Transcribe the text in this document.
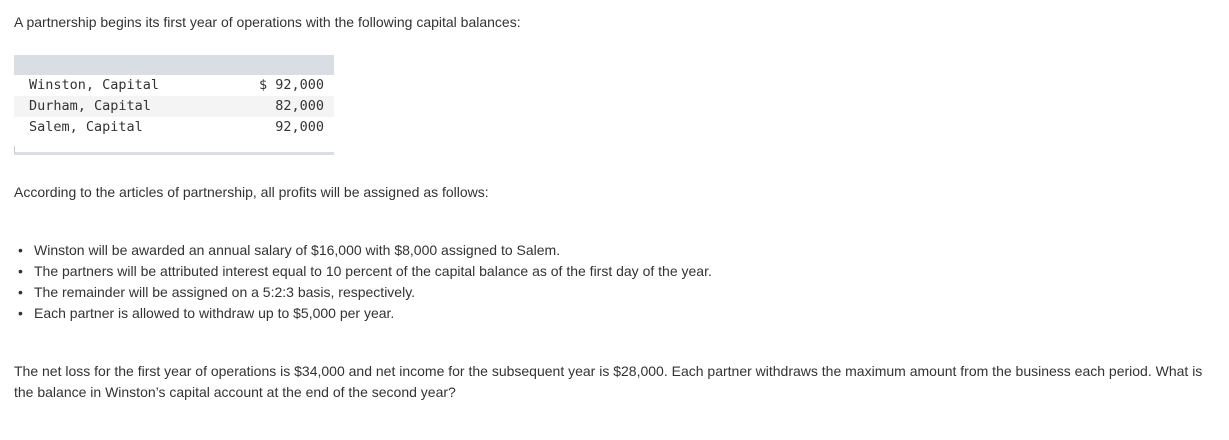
A partnership begins its first year of operations with the following capital balances:

Winston, Capital	$ 92,000
Durham, Capital	82,000
Salem, Capital	92,000

According to the articles of partnership, all profits will be assigned as follows:

• Winston will be awarded an annual salary of $16,000 with $8,000 assigned to Salem.
• The partners will be attributed interest equal to 10 percent of the capital balance as of the first day of the year.
• The remainder will be assigned on a 5:2:3 basis, respectively.
• Each partner is allowed to withdraw up to $5,000 per year.

The net loss for the first year of operations is $34,000 and net income for the subsequent year is $28,000. Each partner withdraws the maximum amount from the business each period. What is the balance in Winston’s capital account at the end of the second year?
